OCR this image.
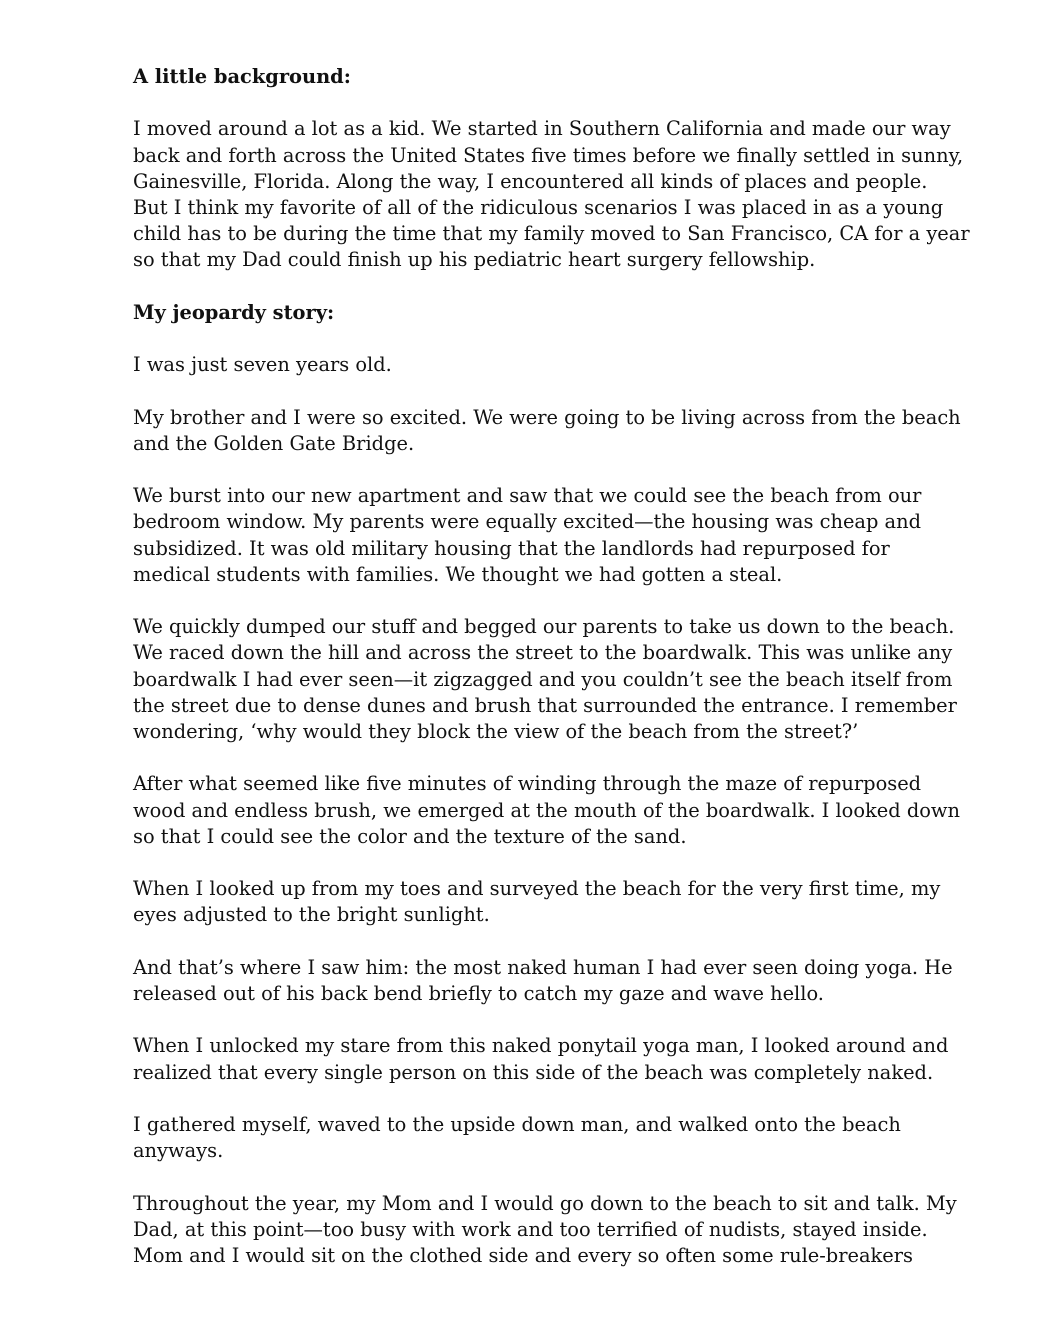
A little background:
I moved around a lot as a kid. We started in Southern California and made our way
back and forth across the United States five times before we finally settled in sunny,
Gainesville, Florida. Along the way, I encountered all kinds of places and people.
But I think my favorite of all of the ridiculous scenarios I was placed in as a young
child has to be during the time that my family moved to San Francisco, CA for a year
so that my Dad could finish up his pediatric heart surgery fellowship.
My jeopardy story:
I was just seven years old.
My brother and I were so excited. We were going to be living across from the beach
and the Golden Gate Bridge.
We burst into our new apartment and saw that we could see the beach from our
bedroom window. My parents were equally excited—the housing was cheap and
subsidized. It was old military housing that the landlords had repurposed for
medical students with families. We thought we had gotten a steal.
We quickly dumped our stuff and begged our parents to take us down to the beach.
We raced down the hill and across the street to the boardwalk. This was unlike any
boardwalk I had ever seen—it zigzagged and you couldn’t see the beach itself from
the street due to dense dunes and brush that surrounded the entrance. I remember
wondering, ‘why would they block the view of the beach from the street?’
After what seemed like five minutes of winding through the maze of repurposed
wood and endless brush, we emerged at the mouth of the boardwalk. I looked down
so that I could see the color and the texture of the sand.
When I looked up from my toes and surveyed the beach for the very first time, my
eyes adjusted to the bright sunlight.
And that’s where I saw him: the most naked human I had ever seen doing yoga. He
released out of his back bend briefly to catch my gaze and wave hello.
When I unlocked my stare from this naked ponytail yoga man, I looked around and
realized that every single person on this side of the beach was completely naked.
I gathered myself, waved to the upside down man, and walked onto the beach
anyways.
Throughout the year, my Mom and I would go down to the beach to sit and talk. My
Dad, at this point—too busy with work and too terrified of nudists, stayed inside.
Mom and I would sit on the clothed side and every so often some rule-breakers
